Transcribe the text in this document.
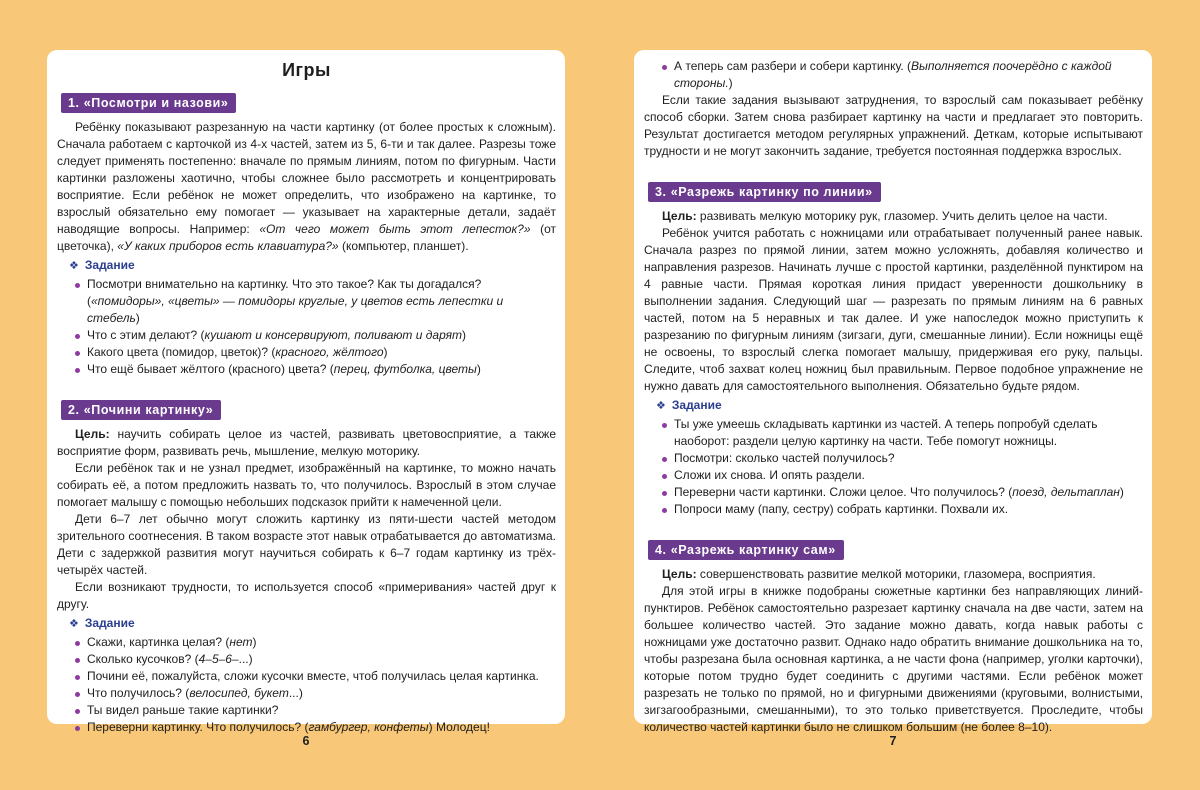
Игры
1. «Посмотри и назови»

Ребёнку показывают разрезанную на части картинку (от более простых к сложным). Сначала работаем с карточкой из 4-х частей, затем из 5, 6-ти и так далее. Разрезы тоже следует применять постепенно: вначале по прямым линиям, потом по фигурным. Части картинки разложены хаотично, чтобы сложнее было рассмотреть и концентрировать восприятие. Если ребёнок не может определить, что изображено на картинке, то взрослый обязательно ему помогает — указывает на характерные детали, задаёт наводящие вопросы. Например: «От чего может быть этот лепесток?» (от цветочка), «У каких приборов есть клавиатура?» (компьютер, планшет).

❖ Задание
Посмотри внимательно на картинку. Что это такое? Как ты догадался? («помидоры», «цветы» — помидоры круглые, у цветов есть лепестки и стебель)
Что с этим делают? (кушают и консервируют, поливают и дарят)
Какого цвета (помидор, цветок)? (красного, жёлтого)
Что ещё бывает жёлтого (красного) цвета? (перец, футболка, цветы)
2. «Почини картинку»

Цель: научить собирать целое из частей, развивать цветовосприятие, а также восприятие форм, развивать речь, мышление, мелкую моторику.

Если ребёнок так и не узнал предмет, изображённый на картинке, то можно начать собирать её, а потом предложить назвать то, что получилось. Взрослый в этом случае помогает малышу с помощью небольших подсказок прийти к намеченной цели.

Дети 6–7 лет обычно могут сложить картинку из пяти-шести частей методом зрительного соотнесения. В таком возрасте этот навык отрабатывается до автоматизма. Дети с задержкой развития могут научиться собирать к 6–7 годам картинку из трёх-четырёх частей.

Если возникают трудности, то используется способ «примеривания» частей друг к другу.

❖ Задание
Скажи, картинка целая? (нет)
Сколько кусочков? (4–5–6–...)
Почини её, пожалуйста, сложи кусочки вместе, чтоб получилась целая картинка.
Что получилось? (велосипед, букет...)
Ты видел раньше такие картинки?
Переверни картинку. Что получилось? (гамбургер, конфеты) Молодец!
6
А теперь сам разбери и собери картинку. (Выполняется поочерёдно с каждой стороны.)

Если такие задания вызывают затруднения, то взрослый сам показывает ребёнку способ сборки. Затем снова разбирает картинку на части и предлагает это повторить. Результат достигается методом регулярных упражнений. Деткам, которые испытывают трудности и не могут закончить задание, требуется постоянная поддержка взрослых.

3. «Разрежь картинку по линии»

Цель: развивать мелкую моторику рук, глазомер. Учить делить целое на части.

Ребёнок учится работать с ножницами или отрабатывает полученный ранее навык. Сначала разрез по прямой линии, затем можно усложнять, добавляя количество и направления разрезов. Начинать лучше с простой картинки, разделённой пунктиром на 4 равные части. Прямая короткая линия придаст уверенности дошкольнику в выполнении задания. Следующий шаг — разрезать по прямым линиям на 6 равных частей, потом на 5 неравных и так далее. И уже напоследок можно приступить к разрезанию по фигурным линиям (зигзаги, дуги, смешанные линии). Если ножницы ещё не освоены, то взрослый слегка помогает малышу, придерживая его руку, пальцы. Следите, чтоб захват колец ножниц был правильным. Первое подобное упражнение не нужно давать для самостоятельного выполнения. Обязательно будьте рядом.

❖ Задание
Ты уже умеешь складывать картинки из частей. А теперь попробуй сделать наоборот: раздели целую картинку на части. Тебе помогут ножницы.
Посмотри: сколько частей получилось?
Сложи их снова. И опять раздели.
Переверни части картинки. Сложи целое. Что получилось? (поезд, дельтаплан)
Попроси маму (папу, сестру) собрать картинки. Похвали их.
4. «Разрежь картинку сам»

Цель: совершенствовать развитие мелкой моторики, глазомера, восприятия.

Для этой игры в книжке подобраны сюжетные картинки без направляющих линий-пунктиров. Ребёнок самостоятельно разрезает картинку сначала на две части, затем на большее количество частей. Это задание можно давать, когда навык работы с ножницами уже достаточно развит. Однако надо обратить внимание дошкольника на то, чтобы разрезана была основная картинка, а не части фона (например, уголки карточки), которые потом трудно будет соединить с другими частями. Если ребёнок может разрезать не только по прямой, но и фигурными движениями (круговыми, волнистыми, зигзагообразными, смешанными), то это только приветствуется. Проследите, чтобы количество частей картинки было не слишком большим (не более 8–10).

7
